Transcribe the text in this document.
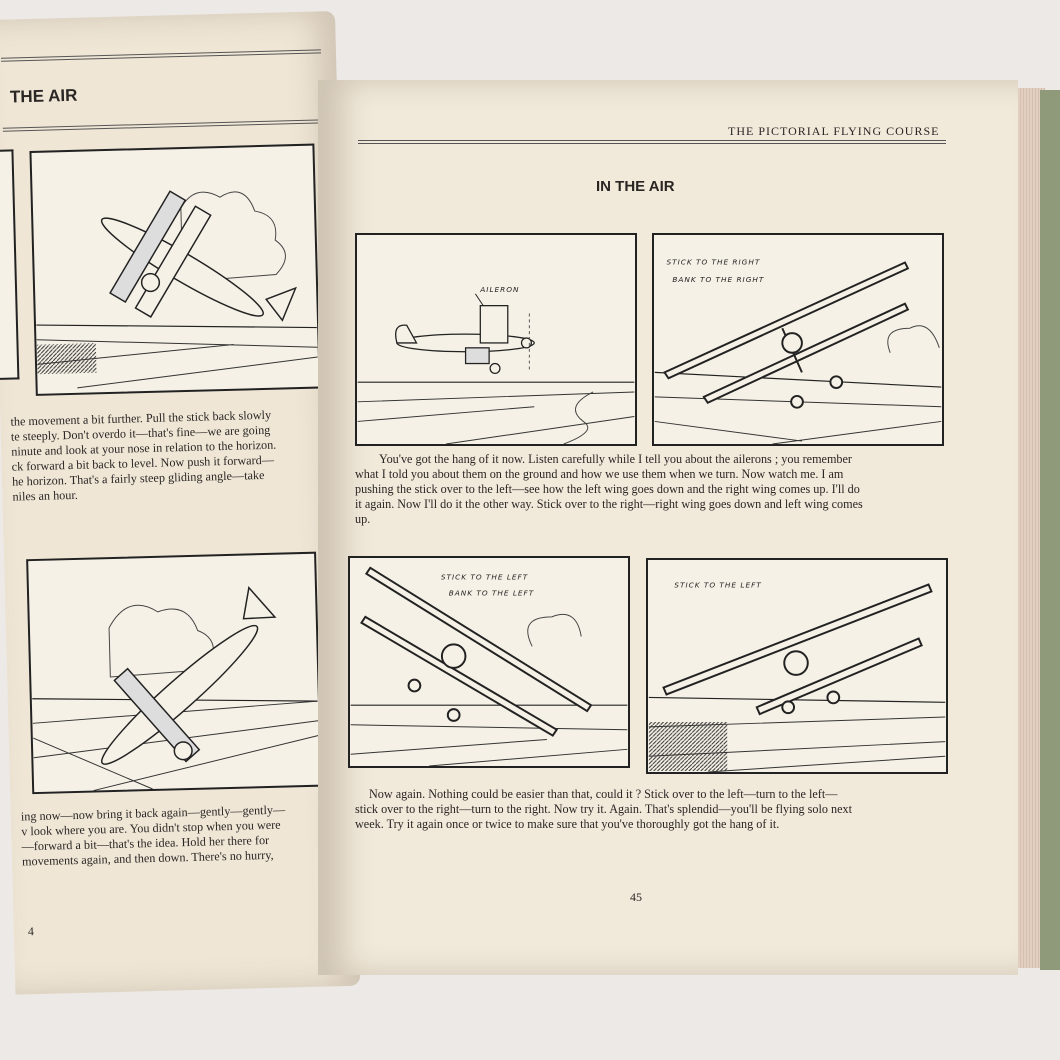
THE AIR
the movement a bit further. Pull the stick back slowly
te steeply. Don't overdo it—that's fine—we are going
ninute and look at your nose in relation to the horizon.
ck forward a bit back to level. Now push it forward—
he horizon. That's a fairly steep gliding angle—take
niles an hour.
ing now—now bring it back again—gently—gently—
v look where you are. You didn't stop when you were
—forward a bit—that's the idea. Hold her there for
movements again, and then down. There's no hurry,
4
THE PICTORIAL FLYING COURSE
IN THE AIR
AILERON
STICK TO THE RIGHT
BANK TO THE RIGHT
You've got the hang of it now. Listen carefully while I tell you about the ailerons ; you remember
what I told you about them on the ground and how we use them when we turn. Now watch me. I am
pushing the stick over to the left—see how the left wing goes down and the right wing comes up. I'll do
it again. Now I'll do it the other way. Stick over to the right—right wing goes down and left wing comes
up.
STICK TO THE LEFT
BANK TO THE LEFT
STICK TO THE LEFT
Now again. Nothing could be easier than that, could it ? Stick over to the left—turn to the left—
stick over to the right—turn to the right. Now try it. Again. That's splendid—you'll be flying solo next
week. Try it again once or twice to make sure that you've thoroughly got the hang of it.
45
